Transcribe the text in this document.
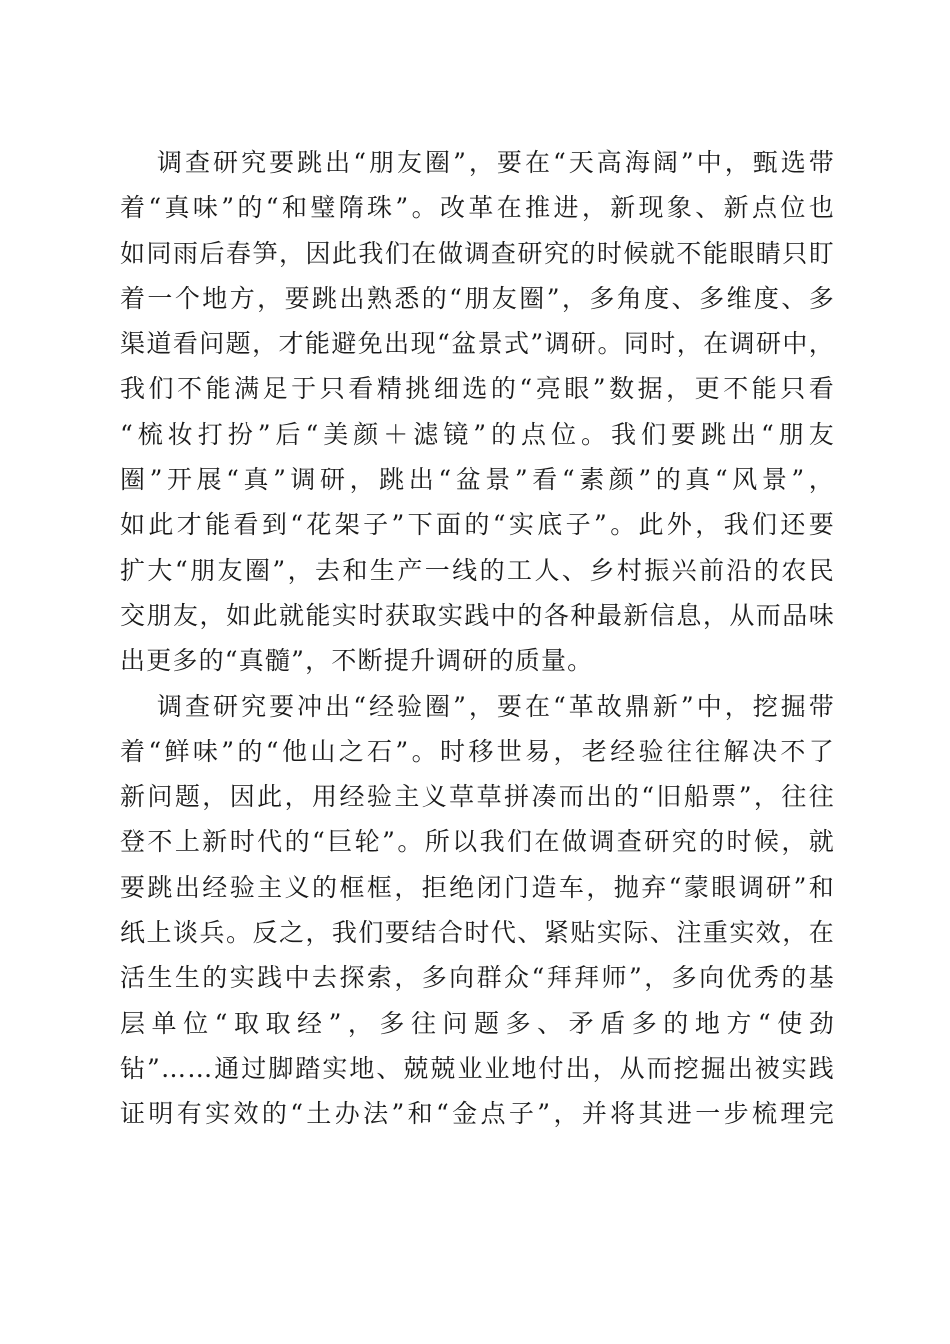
调查研究要跳出“朋友圈”，要在“天高海阔”中，甄选带
着“真味”的“和璧隋珠”。改革在推进，新现象、新点位也
如同雨后春笋，因此我们在做调查研究的时候就不能眼睛只盯
着一个地方，要跳出熟悉的“朋友圈”，多角度、多维度、多
渠道看问题，才能避免出现“盆景式”调研。同时，在调研中，
我们不能满足于只看精挑细选的“亮眼”数据，更不能只看
“梳妆打扮”后“美颜＋滤镜”的点位。我们要跳出“朋友
圈”开展“真”调研，跳出“盆景”看“素颜”的真“风景”，
如此才能看到“花架子”下面的“实底子”。此外，我们还要
扩大“朋友圈”，去和生产一线的工人、乡村振兴前沿的农民
交朋友，如此就能实时获取实践中的各种最新信息，从而品味
出更多的“真髓”，不断提升调研的质量。
调查研究要冲出“经验圈”，要在“革故鼎新”中，挖掘带
着“鲜味”的“他山之石”。时移世易，老经验往往解决不了
新问题，因此，用经验主义草草拼凑而出的“旧船票”，往往
登不上新时代的“巨轮”。所以我们在做调查研究的时候，就
要跳出经验主义的框框，拒绝闭门造车，抛弃“蒙眼调研”和
纸上谈兵。反之，我们要结合时代、紧贴实际、注重实效，在
活生生的实践中去探索，多向群众“拜拜师”，多向优秀的基
层单位“取取经”，多往问题多、矛盾多的地方“使劲
钻”……通过脚踏实地、兢兢业业地付出，从而挖掘出被实践
证明有实效的“土办法”和“金点子”，并将其进一步梳理完
